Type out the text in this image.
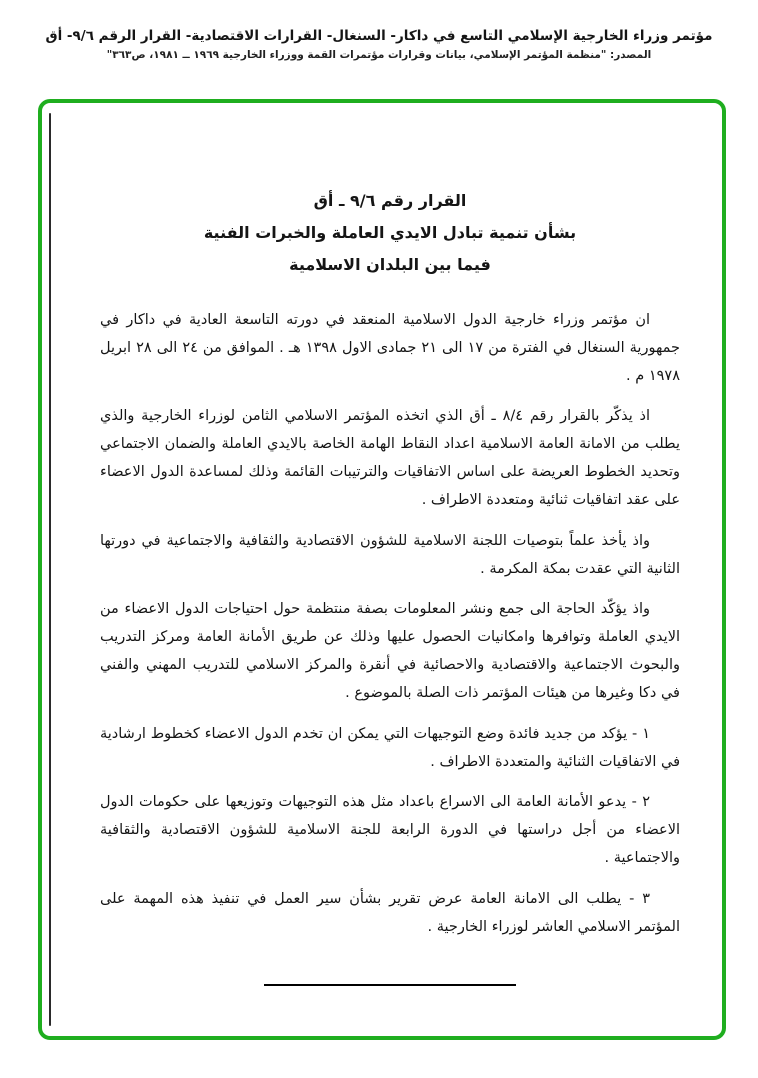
مؤتمر وزراء الخارجية الإسلامي التاسع في داكار- السنغال- القرارات الاقتصادية- القرار الرقم ٩/٦- أق
المصدر: "منظمة المؤتمر الإسلامي، بيانات وقرارات مؤتمرات القمة ووزراء الخارجية ١٩٦٩ ــ ١٩٨١، ص٣٦٣"
القرار رقم ٩/٦ ـ أق
بشأن تنمية تبادل الايدي العاملة والخبرات الفنية
فيما بين البلدان الاسلامية

ان مؤتمر وزراء خارجية الدول الاسلامية المنعقد في دورته التاسعة العادية في داكار في جمهورية السنغال في الفترة من ١٧ الى ٢١ جمادى الاول ١٣٩٨ هـ . الموافق من ٢٤ الى ٢٨ ابريل ١٩٧٨ م .

اذ يذكّر بالقرار رقم ٨/٤ ـ أق الذي اتخذه المؤتمر الاسلامي الثامن لوزراء الخارجية والذي يطلب من الامانة العامة الاسلامية اعداد النقاط الهامة الخاصة بالايدي العاملة والضمان الاجتماعي وتحديد الخطوط العريضة على اساس الاتفاقيات والترتيبات القائمة وذلك لمساعدة الدول الاعضاء على عقد اتفاقيات ثنائية ومتعددة الاطراف .

واذ يأخذ علماً بتوصيات اللجنة الاسلامية للشؤون الاقتصادية والثقافية والاجتماعية في دورتها الثانية التي عقدت بمكة المكرمة .

واذ يؤكّد الحاجة الى جمع ونشر المعلومات بصفة منتظمة حول احتياجات الدول الاعضاء من الايدي العاملة وتوافرها وامكانيات الحصول عليها وذلك عن طريق الأمانة العامة ومركز التدريب والبحوث الاجتماعية والاقتصادية والاحصائية في أنقرة والمركز الاسلامي للتدريب المهني والفني في دكا وغيرها من هيئات المؤتمر ذات الصلة بالموضوع .

١ - يؤكد من جديد فائدة وضع التوجيهات التي يمكن ان تخدم الدول الاعضاء كخطوط ارشادية في الاتفاقيات الثنائية والمتعددة الاطراف .

٢ - يدعو الأمانة العامة الى الاسراع باعداد مثل هذه التوجيهات وتوزيعها على حكومات الدول الاعضاء من أجل دراستها في الدورة الرابعة للجنة الاسلامية للشؤون الاقتصادية والثقافية والاجتماعية .

٣ - يطلب الى الامانة العامة عرض تقرير بشأن سير العمل في تنفيذ هذه المهمة على المؤتمر الاسلامي العاشر لوزراء الخارجية .
